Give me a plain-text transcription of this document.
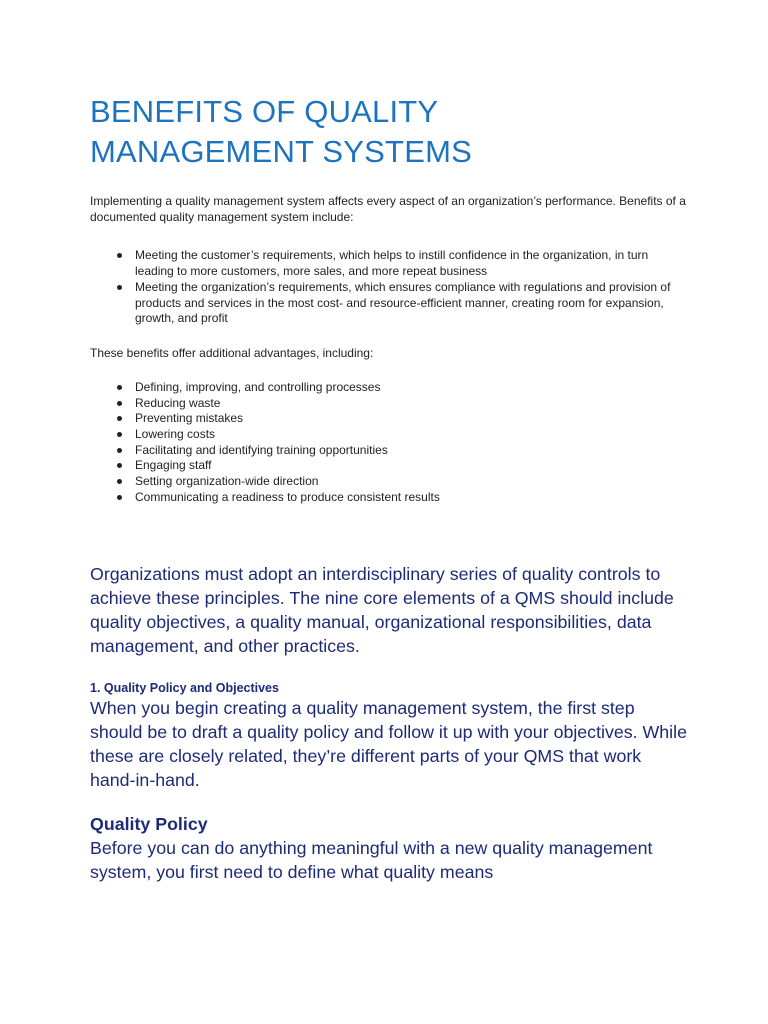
BENEFITS OF QUALITY
MANAGEMENT SYSTEMS

Implementing a quality management system affects every aspect of an organization’s performance. Benefits of a documented quality management system include:

Meeting the customer’s requirements, which helps to instill confidence in the organization, in turn leading to more customers, more sales, and more repeat business
Meeting the organization’s requirements, which ensures compliance with regulations and provision of products and services in the most cost- and resource-efficient manner, creating room for expansion, growth, and profit

These benefits offer additional advantages, including:

Defining, improving, and controlling processes
Reducing waste
Preventing mistakes
Lowering costs
Facilitating and identifying training opportunities
Engaging staff
Setting organization-wide direction
Communicating a readiness to produce consistent results

Organizations must adopt an interdisciplinary series of quality controls to achieve these principles. The nine core elements of a QMS should include quality objectives, a quality manual, organizational responsibilities, data management, and other practices.

1. Quality Policy and Objectives

When you begin creating a quality management system, the first step should be to draft a quality policy and follow it up with your objectives. While these are closely related, they’re different parts of your QMS that work hand-in-hand.

Quality Policy

Before you can do anything meaningful with a new quality management system, you first need to define what quality means
